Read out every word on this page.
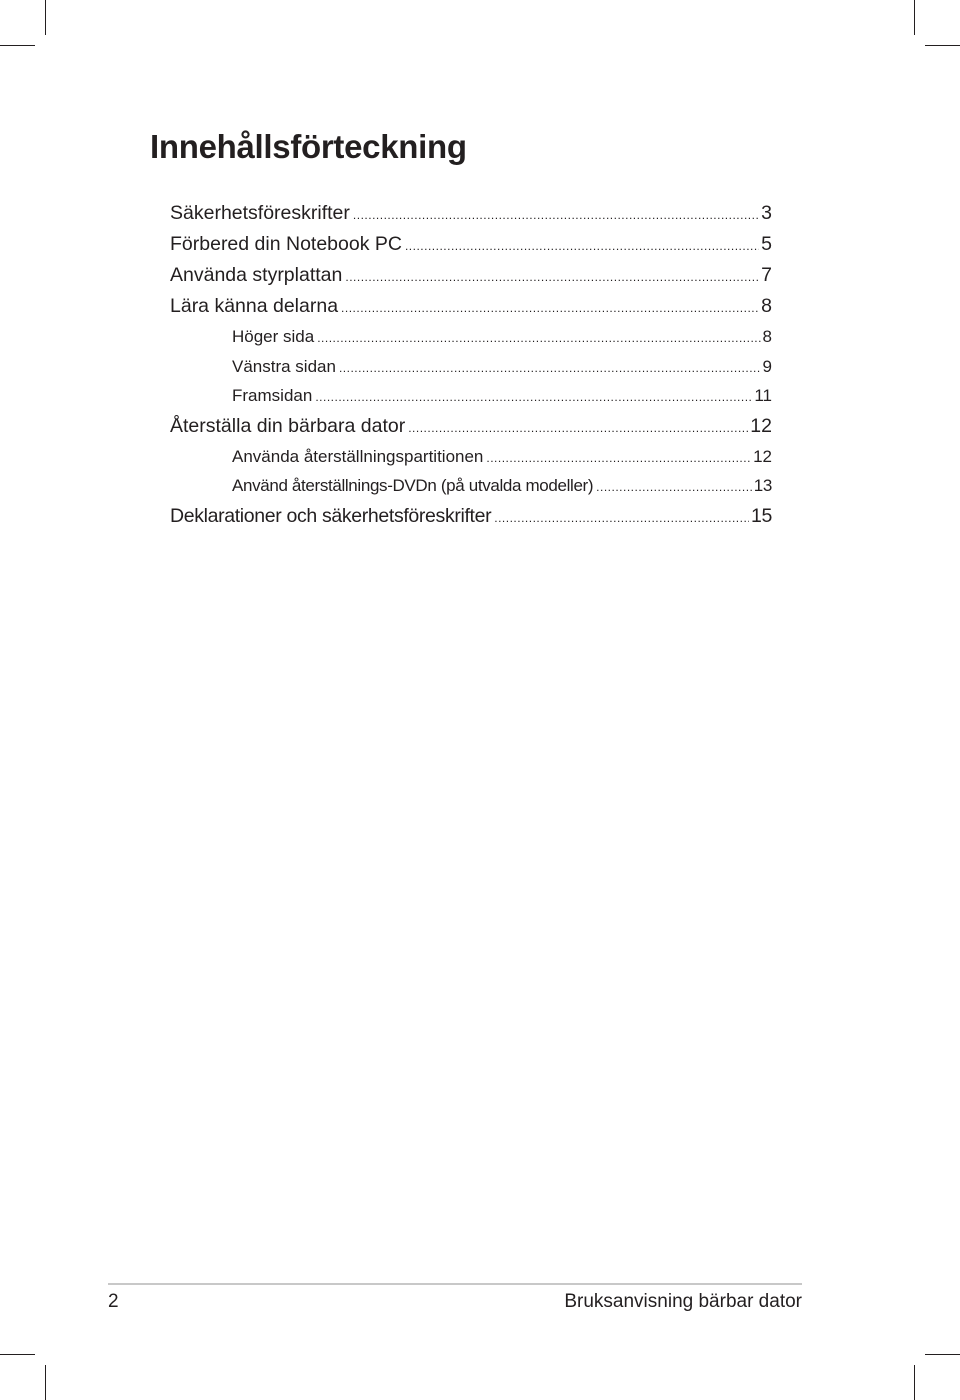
Innehållsförteckning
Säkerhetsföreskrifter .....	3
Förbered din Notebook PC .....	5
Använda styrplattan .....	7
Lära känna delarna .....	8
Höger sida .....	8
Vänstra sidan .....	9
Framsidan .....	11
Återställa din bärbara dator .....	12
Använda återställningspartitionen .....	12
Använd återställnings-DVDn (på utvalda modeller) .....	13
Deklarationer och säkerhetsföreskrifter .....	15
2	Bruksanvisning bärbar dator
